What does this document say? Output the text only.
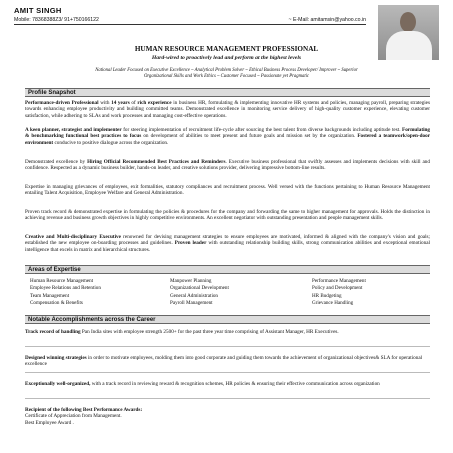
AMIT SINGH
Mobile: 78368388Z3/ 91+750166122	~ E-Mail: amitamsin@yahoo.co.in
HUMAN RESOURCE MANAGEMENT PROFESSIONAL
Hard-wired to proactively lead and perform at the highest levels
National Leader Focused on Executive Excellence ~ Analytical Problem Solver ~ Ethical Business Process Developer/ Improver ~ Superior
Organizational Skills and Work Ethics ~ Customer Focused ~ Passionate yet Pragmatic
Profile Snapshot
Performance-driven Professional with 14 years of rich experience in business HR, formulating & implementing innovative HR systems and policies, managing payroll, preparing strategies towards enhancing employee productivity and building committed teams. Demonstrated excellence in monitoring service delivery of high-quality customer experience, elevating customer satisfaction, while adhering to SLAs and work processes and managing cost-effective operations.
A keen planner, strategist and implementer for steering implementation of recruitment life-cycle after sourcing the best talent from diverse backgrounds including aptitude test. Formulating & benchmarking functional best practices to focus on development of abilities to meet present and future goals and mission set by the organization. Fostered a teamwork/open-door environment conducive to positive dialogue across the organization.
Demonstrated excellence by Hiring Official Recommended Best Practices and Reminders. Executive business professional that swiftly assesses and implements decisions with skill and confidence. Respected as a dynamic business builder, hands-on leader, and creative solutions provider, delivering impressive bottom-line results.
Expertise in managing grievances of employees, exit formalities, statutory compliances and recruitment process. Well versed with the functions pertaining to Human Resource Management entailing Talent Acquisition, Employee Welfare and General Administration.
Proven track record & demonstrated expertise in formulating the policies & procedures for the company and forwarding the same to higher management for approvals. Holds the distinction in achieving revenue and business growth objectives in highly competitive environments. An excellent negotiator with outstanding presentation and people management skills.
Creative and Multi-disciplinary Executive renowned for devising management strategies to ensure employees are motivated, informed & aligned with the company's vision and goals; established the new employee on-boarding processes and guidelines. Proven leader with outstanding relationship building skills, strong communication abilities and exceptional emotional intelligence that excels in matrix and hierarchical structures.
Areas of Expertise
Human Resource Management
Employee Relations and Retention
Team Management
Compensation & Benefits
Manpower Planning
Organizational Development
General Administration
Payroll Management
Performance Management
Policy and Development
HR Budgeting
Grievance Handling
Notable Accomplishments across the Career
Track record of handling Pan India sites with employee strength 2500+ for the past three year time comprising of Assistant Manager, HR Executives.
Designed winning strategies in order to motivate employees, molding them into good corporate and guiding them towards the achievement of organizational objectives& SLA for operational excellence
Exceptionally well-organized, with a track record in reviewing reward & recognition schemes, HR policies & ensuring their effective communication across organization
Recipient of the following Best Performance Awards:
Certificate of Appreciation from Management.
Best Employee Award .
